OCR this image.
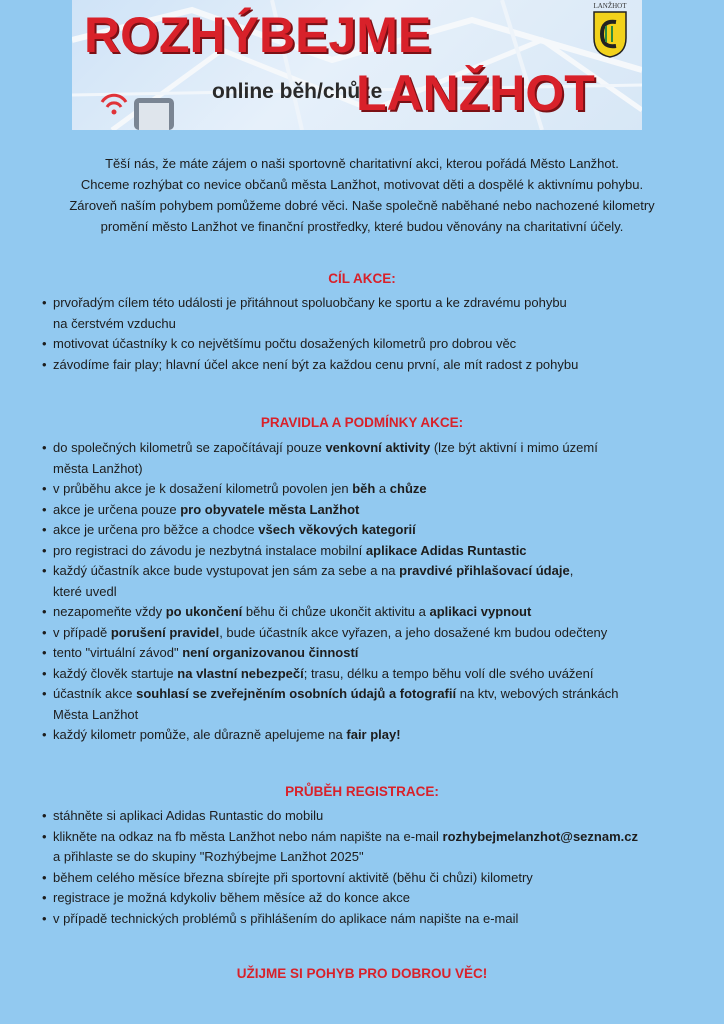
ROZHÝBEJME
online běh/chůze
LANŽHOT
LANŽHOT
Těší nás, že máte zájem o naši sportovně charitativní akci, kterou pořádá Město Lanžhot.
Chceme rozhýbat co nevice občanů města Lanžhot, motivovat děti a dospělé k aktivnímu pohybu.
Zároveň naším pohybem pomůžeme dobré věci. Naše společně naběhané nebo nachozené kilometry
promění město Lanžhot ve finanční prostředky, které budou věnovány na charitativní účely.
CÍL AKCE:
• prvořadým cílem této události je přitáhnout spoluobčany ke sportu a ke zdravému pohybu
na čerstvém vzduchu
• motivovat účastníky k co největšímu počtu dosažených kilometrů pro dobrou věc
• závodíme fair play; hlavní účel akce není být za každou cenu první, ale mít radost z pohybu
PRAVIDLA A PODMÍNKY AKCE:
• do společných kilometrů se započítávají pouze venkovní aktivity (lze být aktivní i mimo území
města Lanžhot)
• v průběhu akce je k dosažení kilometrů povolen jen běh a chůze
• akce je určena pouze pro obyvatele města Lanžhot
• akce je určena pro běžce a chodce všech věkových kategorií
• pro registraci do závodu je nezbytná instalace mobilní aplikace Adidas Runtastic
• každý účastník akce bude vystupovat jen sám za sebe a na pravdivé přihlašovací údaje,
které uvedl
• nezapomeňte vždy po ukončení běhu či chůze ukončit aktivitu a aplikaci vypnout
• v případě porušení pravidel, bude účastník akce vyřazen, a jeho dosažené km budou odečteny
• tento "virtuální závod" není organizovanou činností
• každý člověk startuje na vlastní nebezpečí; trasu, délku a tempo běhu volí dle svého uvážení
• účastník akce souhlasí se zveřejněním osobních údajů a fotografií na ktv, webových stránkách
Města Lanžhot
• každý kilometr pomůže, ale důrazně apelujeme na fair play!
PRŮBĚH REGISTRACE:
• stáhněte si aplikaci Adidas Runtastic do mobilu
• klikněte na odkaz na fb města Lanžhot nebo nám napište na e-mail rozhybejmelanzhot@seznam.cz
a přihlaste se do skupiny "Rozhýbejme Lanžhot 2025"
• během celého měsíce března sbírejte při sportovní aktivitě (běhu či chůzi) kilometry
• registrace je možná kdykoliv během měsíce až do konce akce
• v případě technických problémů s přihlášením do aplikace nám napište na e-mail
UŽIJME SI POHYB PRO DOBROU VĚC!
